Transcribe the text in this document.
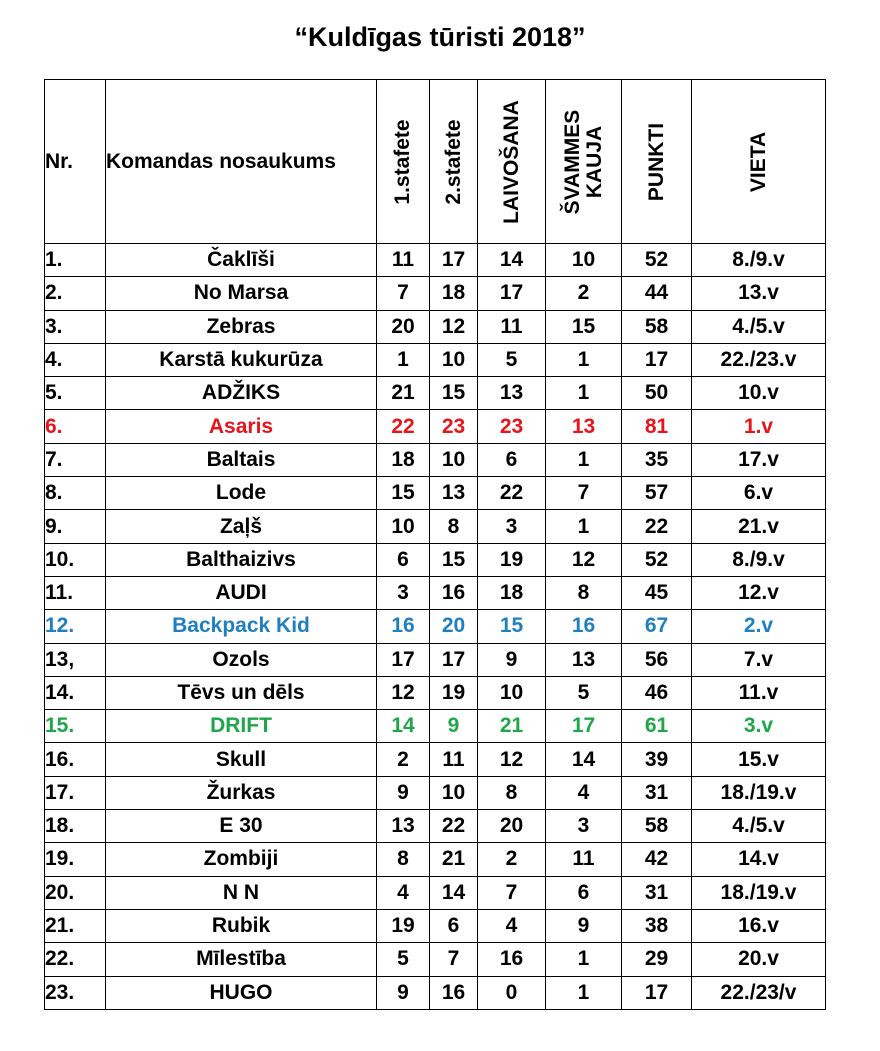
“Kuldīgas tūristi 2018”
Nr.	Komandas nosaukums	1.stafete	2.stafete	LAIVOŠANA	ŠVAMMES
KAUJA	PUNKTI	VIETA

1.	Čaklīši	11	17	14	10	52	8./9.v
2.	No Marsa	7	18	17	2	44	13.v
3.	Zebras	20	12	11	15	58	4./5.v
4.	Karstā kukurūza	1	10	5	1	17	22./23.v
5.	ADŽIKS	21	15	13	1	50	10.v
6.	Asaris	22	23	23	13	81	1.v
7.	Baltais	18	10	6	1	35	17.v
8.	Lode	15	13	22	7	57	6.v
9.	Zaļš	10	8	3	1	22	21.v
10.	Balthaizivs	6	15	19	12	52	8./9.v
11.	AUDI	3	16	18	8	45	12.v
12.	Backpack Kid	16	20	15	16	67	2.v
13,	Ozols	17	17	9	13	56	7.v
14.	Tēvs un dēls	12	19	10	5	46	11.v
15.	DRIFT	14	9	21	17	61	3.v
16.	Skull	2	11	12	14	39	15.v
17.	Žurkas	9	10	8	4	31	18./19.v
18.	E 30	13	22	20	3	58	4./5.v
19.	Zombiji	8	21	2	11	42	14.v
20.	N N	4	14	7	6	31	18./19.v
21.	Rubik	19	6	4	9	38	16.v
22.	Mīlestība	5	7	16	1	29	20.v
23.	HUGO	9	16	0	1	17	22./23/v
